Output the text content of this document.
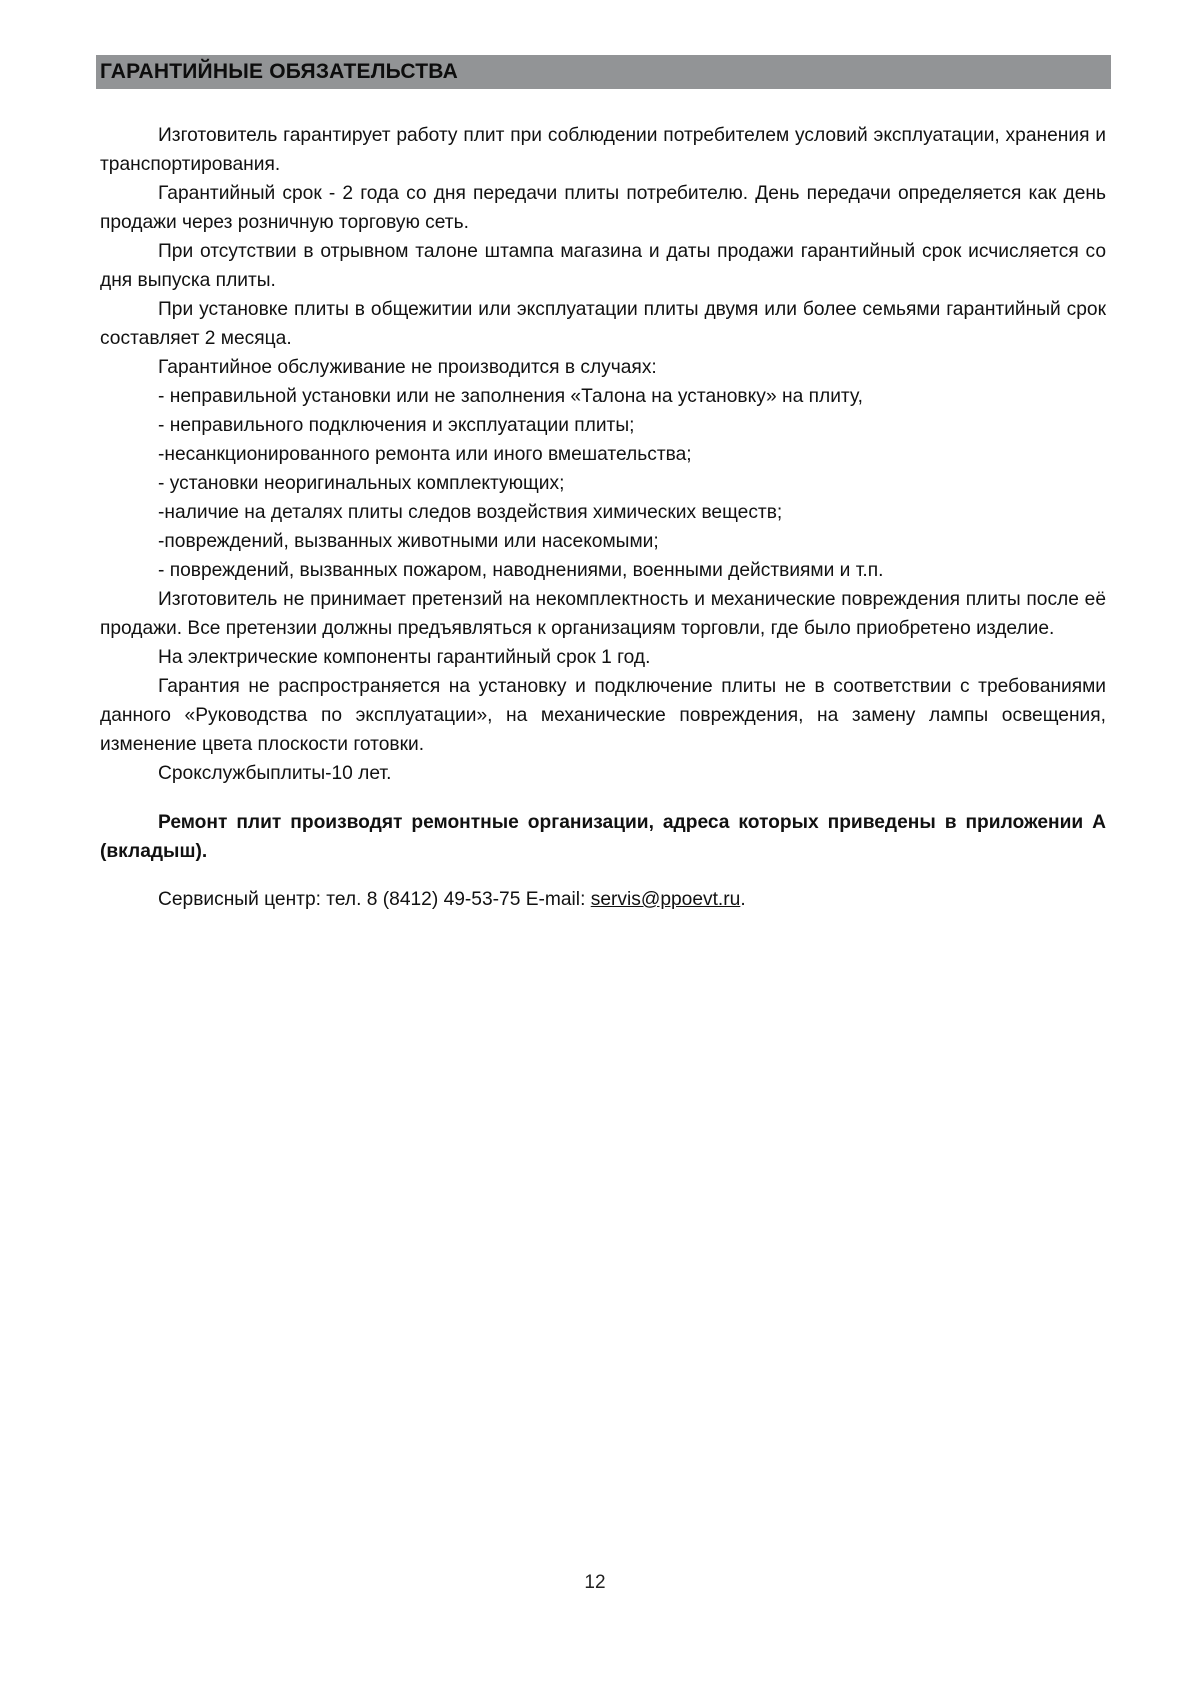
ГАРАНТИЙНЫЕ ОБЯЗАТЕЛЬСТВА

Изготовитель гарантирует работу плит при соблюдении потребителем условий эксплуатации, хранения и транспортирования.

Гарантийный срок - 2 года со дня передачи плиты потребителю. День передачи определяется как день продажи через розничную торговую сеть.

При отсутствии в отрывном талоне штампа магазина и даты продажи гарантийный срок исчисляется со дня выпуска плиты.

При установке плиты в общежитии или эксплуатации плиты двумя или более семьями гарантийный срок составляет 2 месяца.

Гарантийное обслуживание не производится в случаях:

- неправильной установки или не заполнения «Талона на установку» на плиту,
- неправильного подключения и эксплуатации плиты;
-несанкционированного ремонта или иного вмешательства;
- установки неоригинальных комплектующих;
-наличие на деталях плиты следов воздействия химических веществ;
-повреждений, вызванных животными или насекомыми;
- повреждений, вызванных пожаром, наводнениями, военными действиями и т.п.

Изготовитель не принимает претензий на некомплектность и механические повреждения плиты после её продажи. Все претензии должны предъявляться к организациям торговли, где было приобретено изделие.

На электрические компоненты гарантийный срок 1 год.

Гарантия не распространяется на установку и подключение плиты не в соответствии с требованиями данного «Руководства по эксплуатации», на механические повреждения, на замену лампы освещения, изменение цвета плоскости готовки.

Срокслужбыплиты-10 лет.

Ремонт плит производят ремонтные организации, адреса которых приведены в приложении А (вкладыш).

Сервисный центр: тел. 8 (8412) 49-53-75 E-mail: servis@ppoevt.ru.

12
